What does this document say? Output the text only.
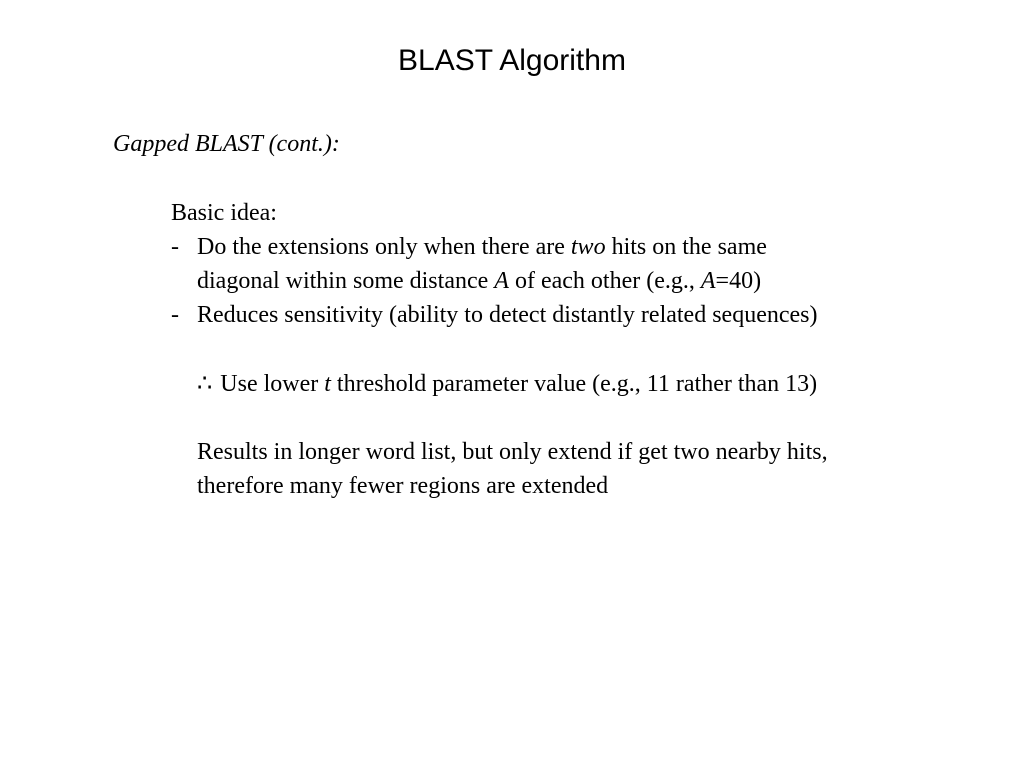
BLAST Algorithm
Gapped BLAST (cont.):
Basic idea:
- Do the extensions only when there are two hits on the same
diagonal within some distance A of each other (e.g., A=40)
- Reduces sensitivity (ability to detect distantly related sequences)
∴ Use lower t threshold parameter value (e.g., 11 rather than 13)
Results in longer word list, but only extend if get two nearby hits,
therefore many fewer regions are extended
